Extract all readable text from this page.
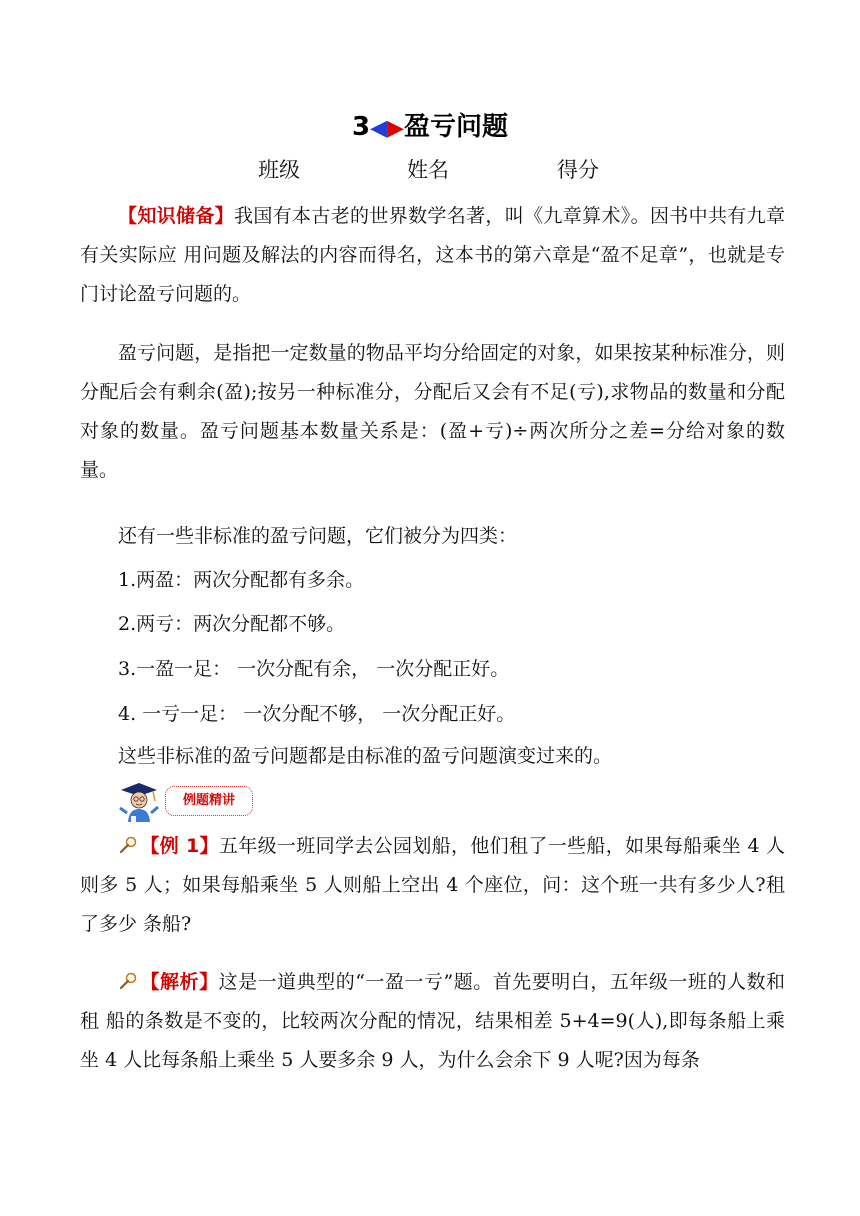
3◀▶盈亏问题
班级	姓名	得分
【知识储备】我国有本古老的世界数学名著，叫《九章算术》。因书中共有九章有关实际应 用问题及解法的内容而得名，这本书的第六章是“盈不足章”，也就是专门讨论盈亏问题的。
盈亏问题，是指把一定数量的物品平均分给固定的对象，如果按某种标准分，则分配后会有剩余(盈);按另一种标准分，分配后又会有不足(亏),求物品的数量和分配对象的数量。盈亏问题基本数量关系是：(盈+亏)÷两次所分之差=分给对象的数量。
还有一些非标准的盈亏问题，它们被分为四类：
1.两盈：两次分配都有多余。
2.两亏：两次分配都不够。
3.一盈一足： 一次分配有余， 一次分配正好。
4. 一亏一足： 一次分配不够， 一次分配正好。
这些非标准的盈亏问题都是由标准的盈亏问题演变过来的。
例题精讲
【例 1】五年级一班同学去公园划船，他们租了一些船，如果每船乘坐 4 人则多 5 人；如果每船乘坐 5 人则船上空出 4 个座位，问：这个班一共有多少人?租了多少 条船?
【解析】这是一道典型的“一盈一亏”题。首先要明白，五年级一班的人数和租 船的条数是不变的，比较两次分配的情况，结果相差 5+4=9(人),即每条船上乘 坐 4 人比每条船上乘坐 5 人要多余 9 人，为什么会余下 9 人呢?因为每条
